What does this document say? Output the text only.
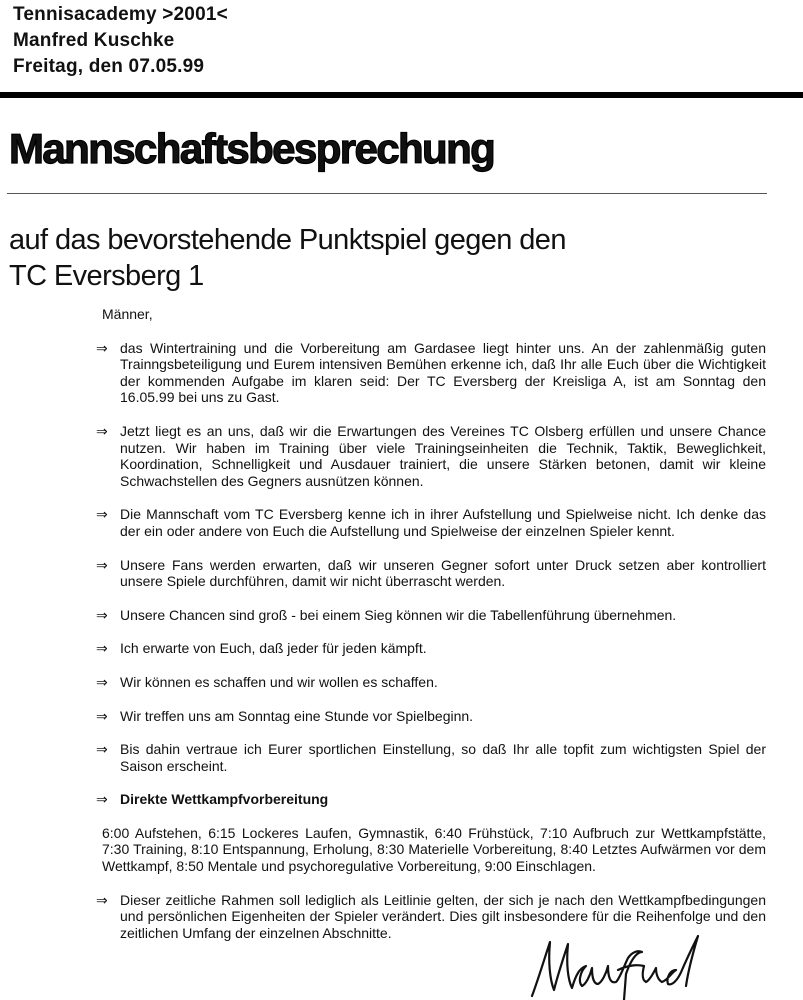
Tennisacademy >2001<
Manfred Kuschke
Freitag, den 07.05.99
Mannschaftsbesprechung
auf das bevorstehende Punktspiel gegen den
TC Eversberg 1
Männer,
⇒ das Wintertraining und die Vorbereitung am Gardasee liegt hinter uns. An der zahlenmäßig guten Trainngsbeteiligung und Eurem intensiven Bemühen erkenne ich, daß Ihr alle Euch über die Wichtigkeit der kommenden Aufgabe im klaren seid: Der TC Eversberg der Kreisliga A, ist am Sonntag den 16.05.99 bei uns zu Gast.
⇒ Jetzt liegt es an uns, daß wir die Erwartungen des Vereines TC Olsberg erfüllen und unsere Chance nutzen. Wir haben im Training über viele Trainingseinheiten die Technik, Taktik, Beweglichkeit, Koordination, Schnelligkeit und Ausdauer trainiert, die unsere Stärken betonen, damit wir kleine Schwachstellen des Gegners ausnützen können.
⇒ Die Mannschaft vom TC Eversberg kenne ich in ihrer Aufstellung und Spielweise nicht. Ich denke das der ein oder andere von Euch die Aufstellung und Spielweise der einzelnen Spieler kennt.
⇒ Unsere Fans werden erwarten, daß wir unseren Gegner sofort unter Druck setzen aber kontrolliert unsere Spiele durchführen, damit wir nicht überrascht werden.
⇒ Unsere Chancen sind groß - bei einem Sieg können wir die Tabellenführung übernehmen.
⇒ Ich erwarte von Euch, daß jeder für jeden kämpft.
⇒ Wir können es schaffen und wir wollen es schaffen.
⇒ Wir treffen uns am Sonntag eine Stunde vor Spielbeginn.
⇒ Bis dahin vertraue ich Eurer sportlichen Einstellung, so daß Ihr alle topfit zum wichtigsten Spiel der Saison erscheint.
⇒ Direkte Wettkampfvorbereitung
6:00 Aufstehen, 6:15 Lockeres Laufen, Gymnastik, 6:40 Frühstück, 7:10 Aufbruch zur Wettkampfstätte, 7:30 Training, 8:10 Entspannung, Erholung, 8:30 Materielle Vorbereitung, 8:40 Letztes Aufwärmen vor dem Wettkampf, 8:50 Mentale und psychoregulative Vorbereitung, 9:00 Einschlagen.
⇒ Dieser zeitliche Rahmen soll lediglich als Leitlinie gelten, der sich je nach den Wettkampfbedingungen und persönlichen Eigenheiten der Spieler verändert. Dies gilt insbesondere für die Reihenfolge und den zeitlichen Umfang der einzelnen Abschnitte.
